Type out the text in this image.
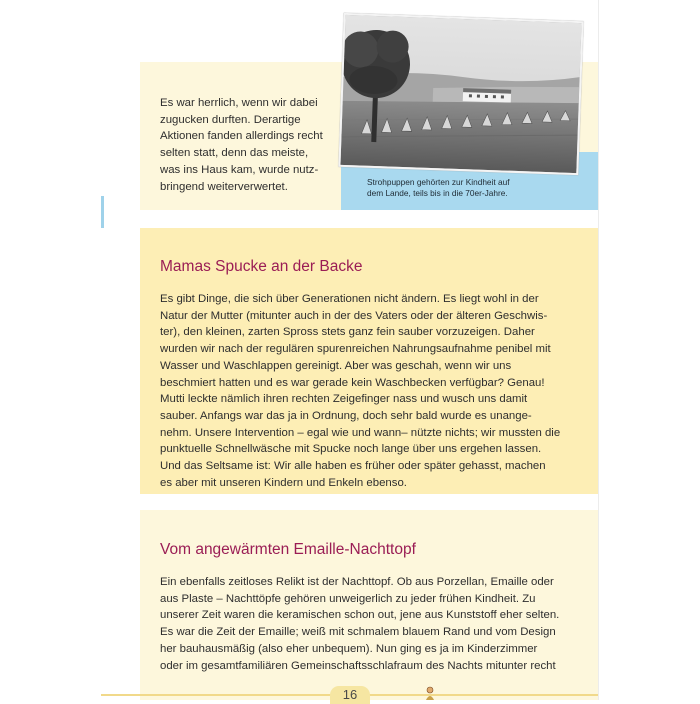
Es war herrlich, wenn wir dabei
zugucken durften. Derartige
Aktionen fanden allerdings recht
selten statt, denn das meiste,
was ins Haus kam, wurde nutz-
bringend weiterverwertet.	Strohpuppen gehörten zur Kindheit auf
dem Lande, teils bis in die 70er-Jahre.
Mamas Spucke an der Backe
Es gibt Dinge, die sich über Generationen nicht ändern. Es liegt wohl in der
Natur der Mutter (mitunter auch in der des Vaters oder der älteren Geschwis-
ter), den kleinen, zarten Spross stets ganz fein sauber vorzuzeigen. Daher
wurden wir nach der regulären spurenreichen Nahrungsaufnahme penibel mit
Wasser und Waschlappen gereinigt. Aber was geschah, wenn wir uns
beschmiert hatten und es war gerade kein Waschbecken verfügbar? Genau!
Mutti leckte nämlich ihren rechten Zeigefinger nass und wusch uns damit
sauber. Anfangs war das ja in Ordnung, doch sehr bald wurde es unange-
nehm. Unsere Intervention – egal wie und wann– nützte nichts; wir mussten die
punktuelle Schnellwäsche mit Spucke noch lange über uns ergehen lassen.
Und das Seltsame ist: Wir alle haben es früher oder später gehasst, machen
es aber mit unseren Kindern und Enkeln ebenso.
Vom angewärmten Emaille-Nachttopf
Ein ebenfalls zeitloses Relikt ist der Nachttopf. Ob aus Porzellan, Emaille oder
aus Plaste – Nachttöpfe gehören unweigerlich zu jeder frühen Kindheit. Zu
unserer Zeit waren die keramischen schon out, jene aus Kunststoff eher selten.
Es war die Zeit der Emaille; weiß mit schmalem blauem Rand und vom Design
her bauhausmäßig (also eher unbequem). Nun ging es ja im Kinderzimmer
oder im gesamtfamiliären Gemeinschaftsschlafraum des Nachts mitunter recht
16
